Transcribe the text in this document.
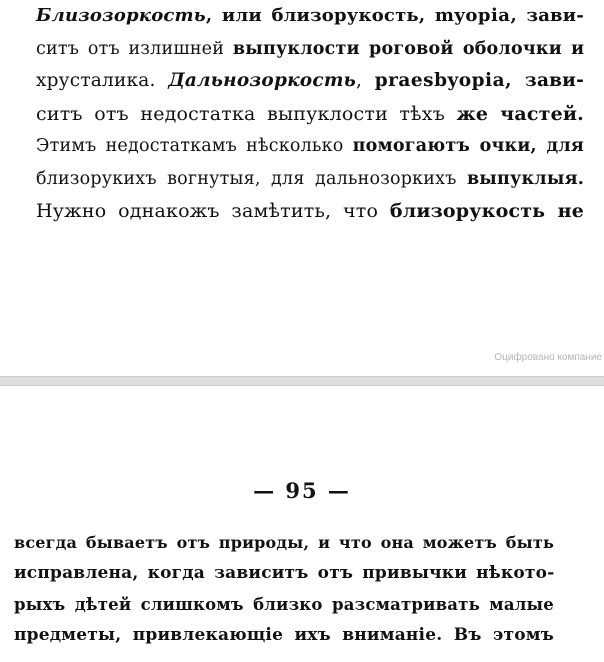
Близозоркость, или близорукость, myopia, зави-
ситъ отъ излишней выпуклости роговой оболочки и
хрусталика. Дальнозоркость, praesbyopia, зави-
ситъ отъ недостатка выпуклости тѣхъ же частей.
Этимъ недостаткамъ нѣсколько помогаютъ очки, для
близорукихъ вогнутыя, для дальнозоркихъ выпуклыя.
Нужно однакожъ замѣтить, что близорукость не
Оцифровано компание
— 95 —
всегда бываетъ отъ природы, и что она можетъ быть
исправлена, когда зависитъ отъ привычки нѣкото-
рыхъ дѣтей слишкомъ близко разсматривать малые
предметы, привлекающіе ихъ вниманіе. Въ этомъ
